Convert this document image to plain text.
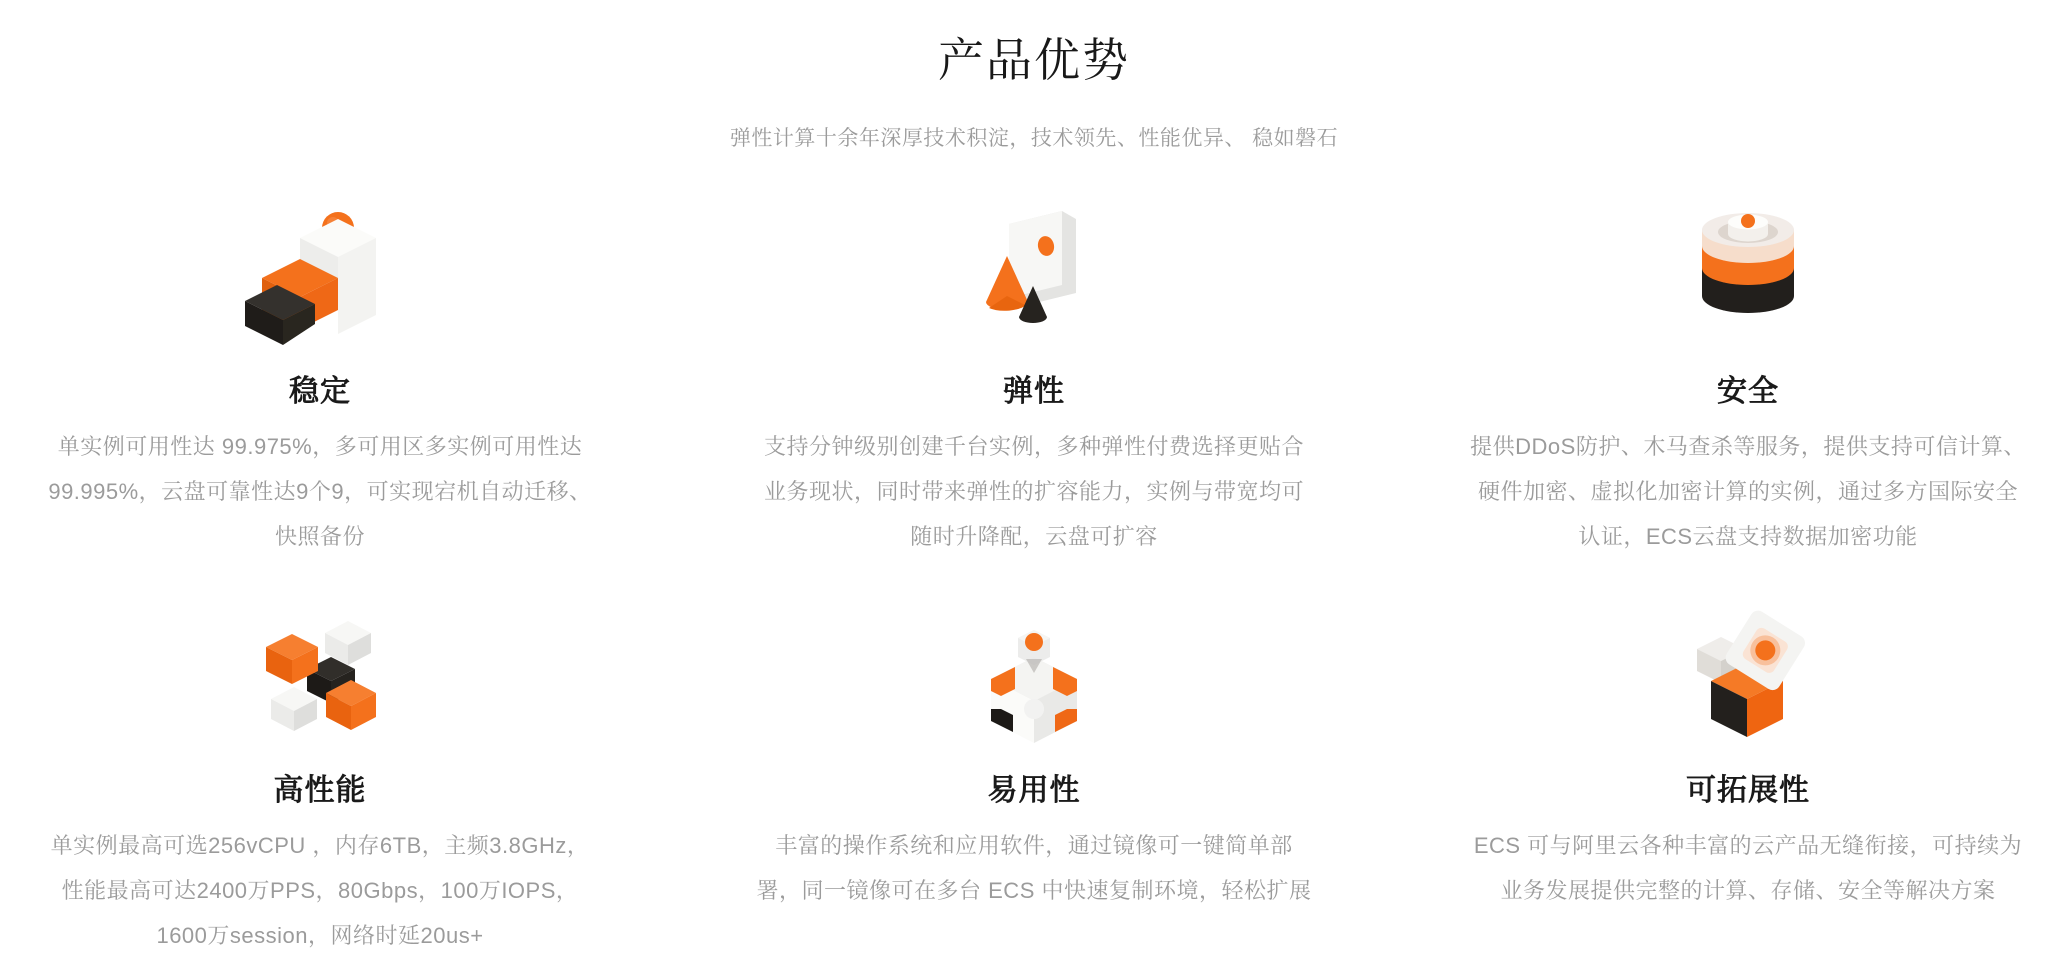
产品优势

弹性计算十余年深厚技术积淀，技术领先、性能优异、 稳如磐石

稳定

单实例可用性达 99.975%，多可用区多实例可用性达 99.995%，云盘可靠性达9个9，可实现宕机自动迁移、快照备份

弹性

支持分钟级别创建千台实例，多种弹性付费选择更贴合业务现状，同时带来弹性的扩容能力，实例与带宽均可随时升降配，云盘可扩容

安全

提供DDoS防护、木马查杀等服务，提供支持可信计算、硬件加密、虚拟化加密计算的实例，通过多方国际安全认证，ECS云盘支持数据加密功能

高性能

单实例最高可选256vCPU ，内存6TB，主频3.8GHz，性能最高可达2400万PPS，80Gbps，100万IOPS，1600万session，网络时延20us+

易用性

丰富的操作系统和应用软件，通过镜像可一键简单部署，同一镜像可在多台 ECS 中快速复制环境，轻松扩展

可拓展性

ECS 可与阿里云各种丰富的云产品无缝衔接，可持续为业务发展提供完整的计算、存储、安全等解决方案
